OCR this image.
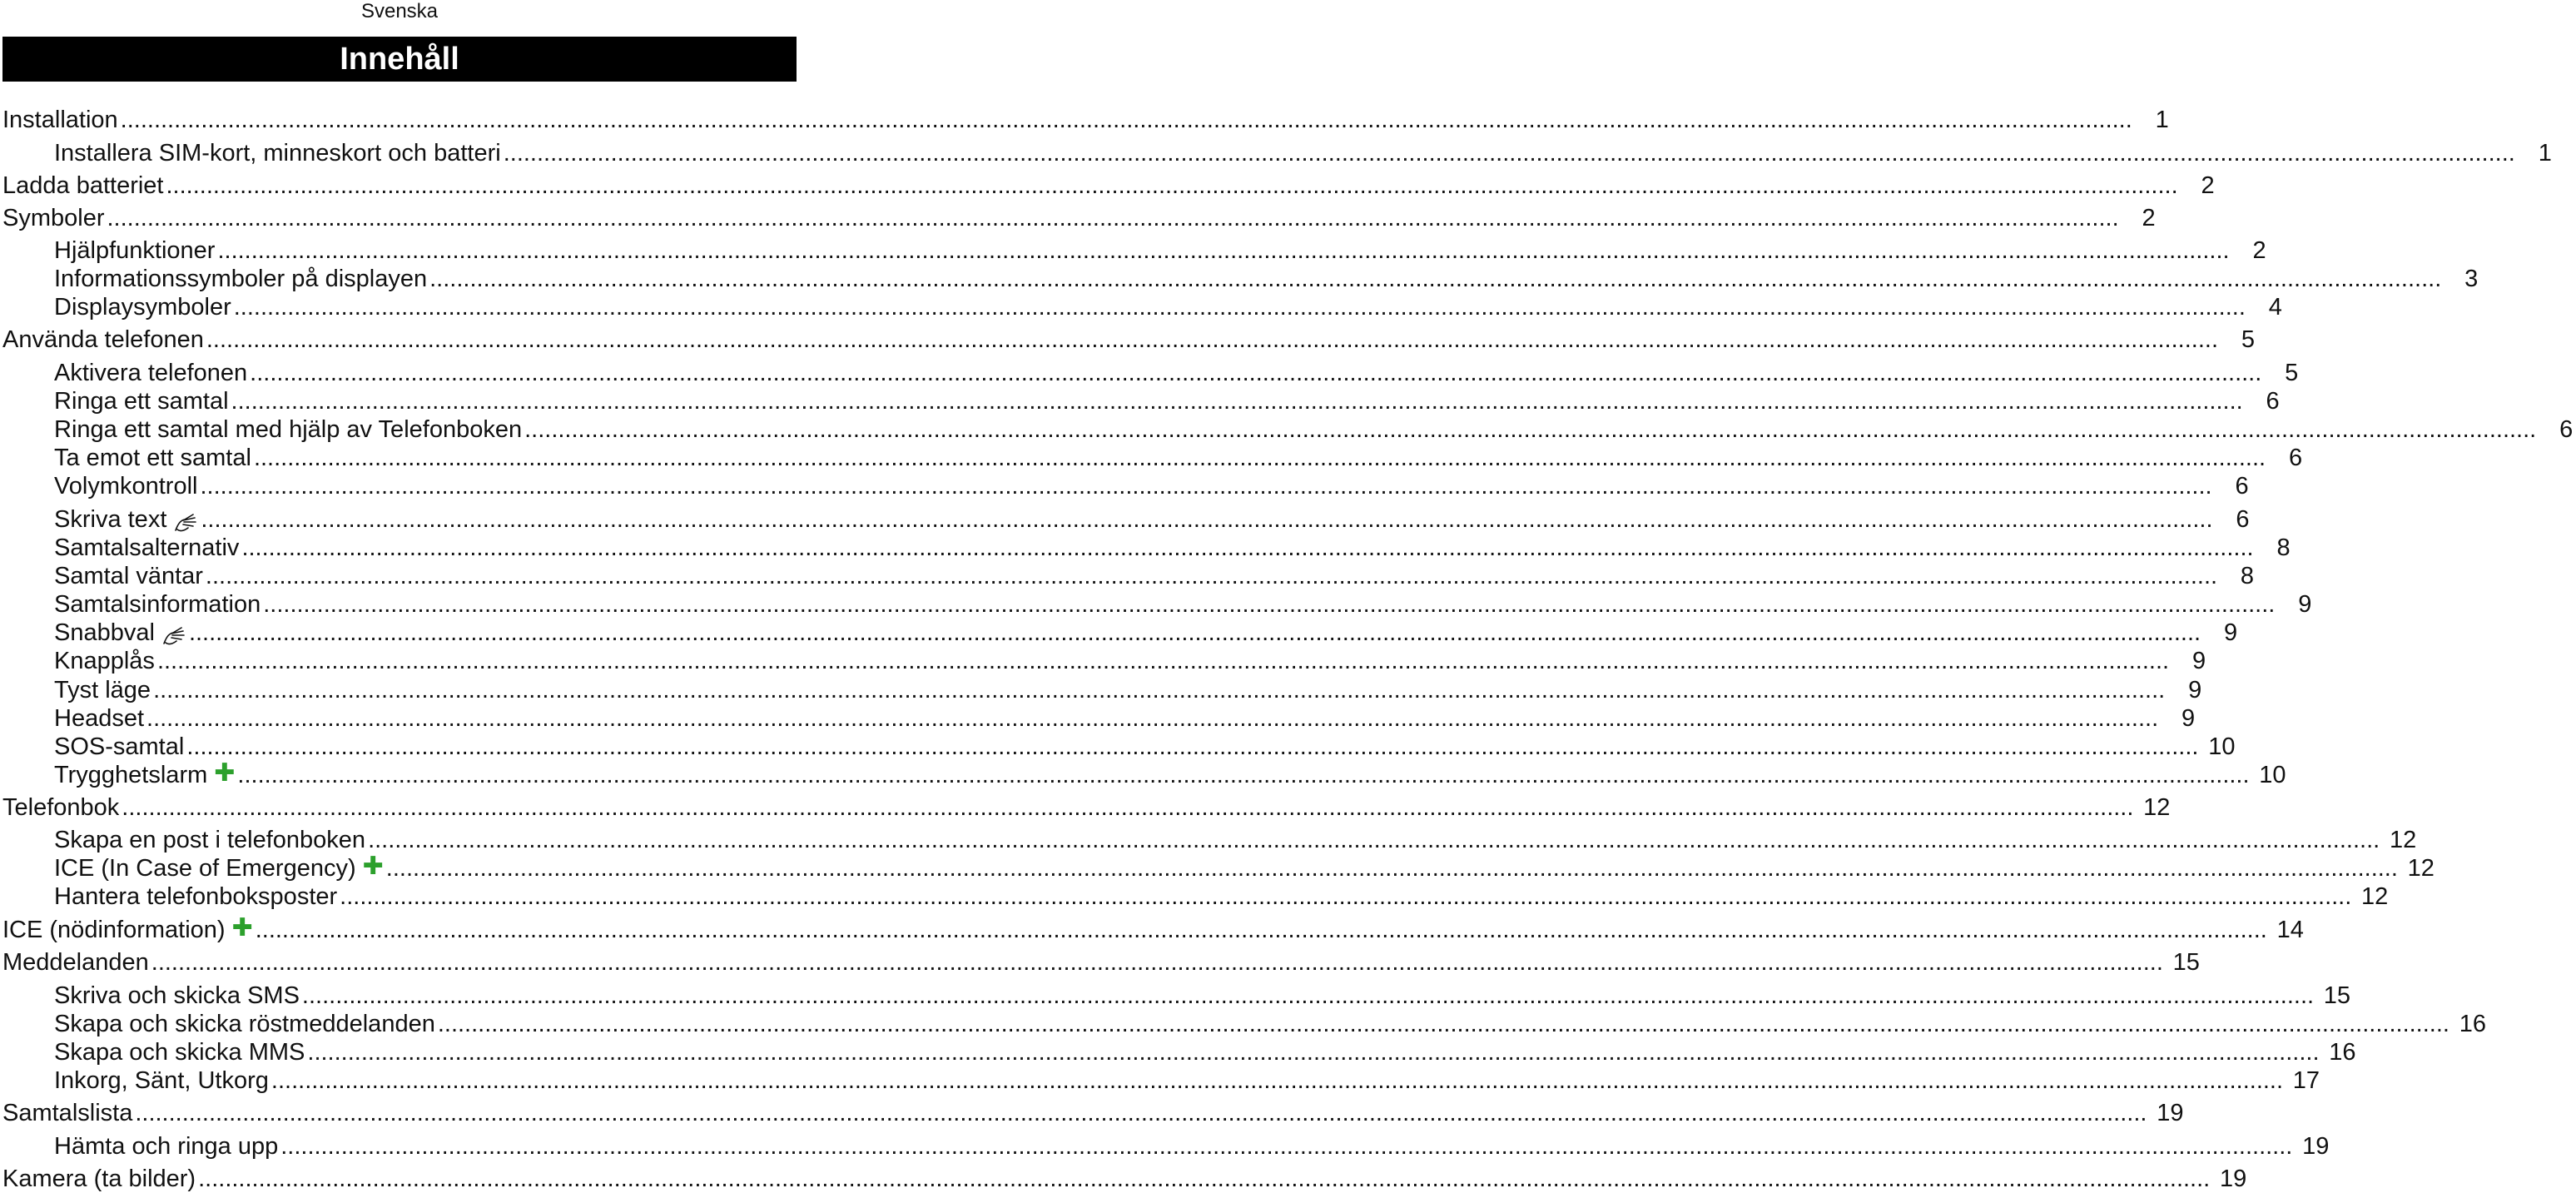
Svenska
Innehåll
Installation ............................................................................................................................................................................................................................................................................................................ 1
Installera SIM-kort, minneskort och batteri ............................................................................................................................................................................................................................................................................................................ 1
Ladda batteriet ............................................................................................................................................................................................................................................................................................................ 2
Symboler ............................................................................................................................................................................................................................................................................................................ 2
Hjälpfunktioner ............................................................................................................................................................................................................................................................................................................ 2
Informationssymboler på displayen ............................................................................................................................................................................................................................................................................................................ 3
Displaysymboler ............................................................................................................................................................................................................................................................................................................ 4
Använda telefonen ............................................................................................................................................................................................................................................................................................................ 5
Aktivera telefonen ............................................................................................................................................................................................................................................................................................................ 5
Ringa ett samtal ............................................................................................................................................................................................................................................................................................................ 6
Ringa ett samtal med hjälp av Telefonboken ............................................................................................................................................................................................................................................................................................................ 6
Ta emot ett samtal ............................................................................................................................................................................................................................................................................................................ 6
Volymkontroll ............................................................................................................................................................................................................................................................................................................ 6
Skriva text ............................................................................................................................................................................................................................................................................................................ 6
Samtalsalternativ ............................................................................................................................................................................................................................................................................................................ 8
Samtal väntar ............................................................................................................................................................................................................................................................................................................ 8
Samtalsinformation ............................................................................................................................................................................................................................................................................................................ 9
Snabbval ............................................................................................................................................................................................................................................................................................................ 9
Knapplås ............................................................................................................................................................................................................................................................................................................ 9
Tyst läge ............................................................................................................................................................................................................................................................................................................ 9
Headset ............................................................................................................................................................................................................................................................................................................ 9
SOS-samtal ............................................................................................................................................................................................................................................................................................................ 10
Trygghetslarm ✚ ............................................................................................................................................................................................................................................................................................................ 10
Telefonbok ............................................................................................................................................................................................................................................................................................................ 12
Skapa en post i telefonboken ............................................................................................................................................................................................................................................................................................................ 12
ICE (In Case of Emergency) ✚ ............................................................................................................................................................................................................................................................................................................ 12
Hantera telefonboksposter ............................................................................................................................................................................................................................................................................................................ 12
ICE (nödinformation) ✚ ............................................................................................................................................................................................................................................................................................................ 14
Meddelanden ............................................................................................................................................................................................................................................................................................................ 15
Skriva och skicka SMS ............................................................................................................................................................................................................................................................................................................ 15
Skapa och skicka röstmeddelanden ............................................................................................................................................................................................................................................................................................................ 16
Skapa och skicka MMS ............................................................................................................................................................................................................................................................................................................ 16
Inkorg, Sänt, Utkorg ............................................................................................................................................................................................................................................................................................................ 17
Samtalslista ............................................................................................................................................................................................................................................................................................................ 19
Hämta och ringa upp ............................................................................................................................................................................................................................................................................................................ 19
Kamera (ta bilder) ............................................................................................................................................................................................................................................................................................................ 19
